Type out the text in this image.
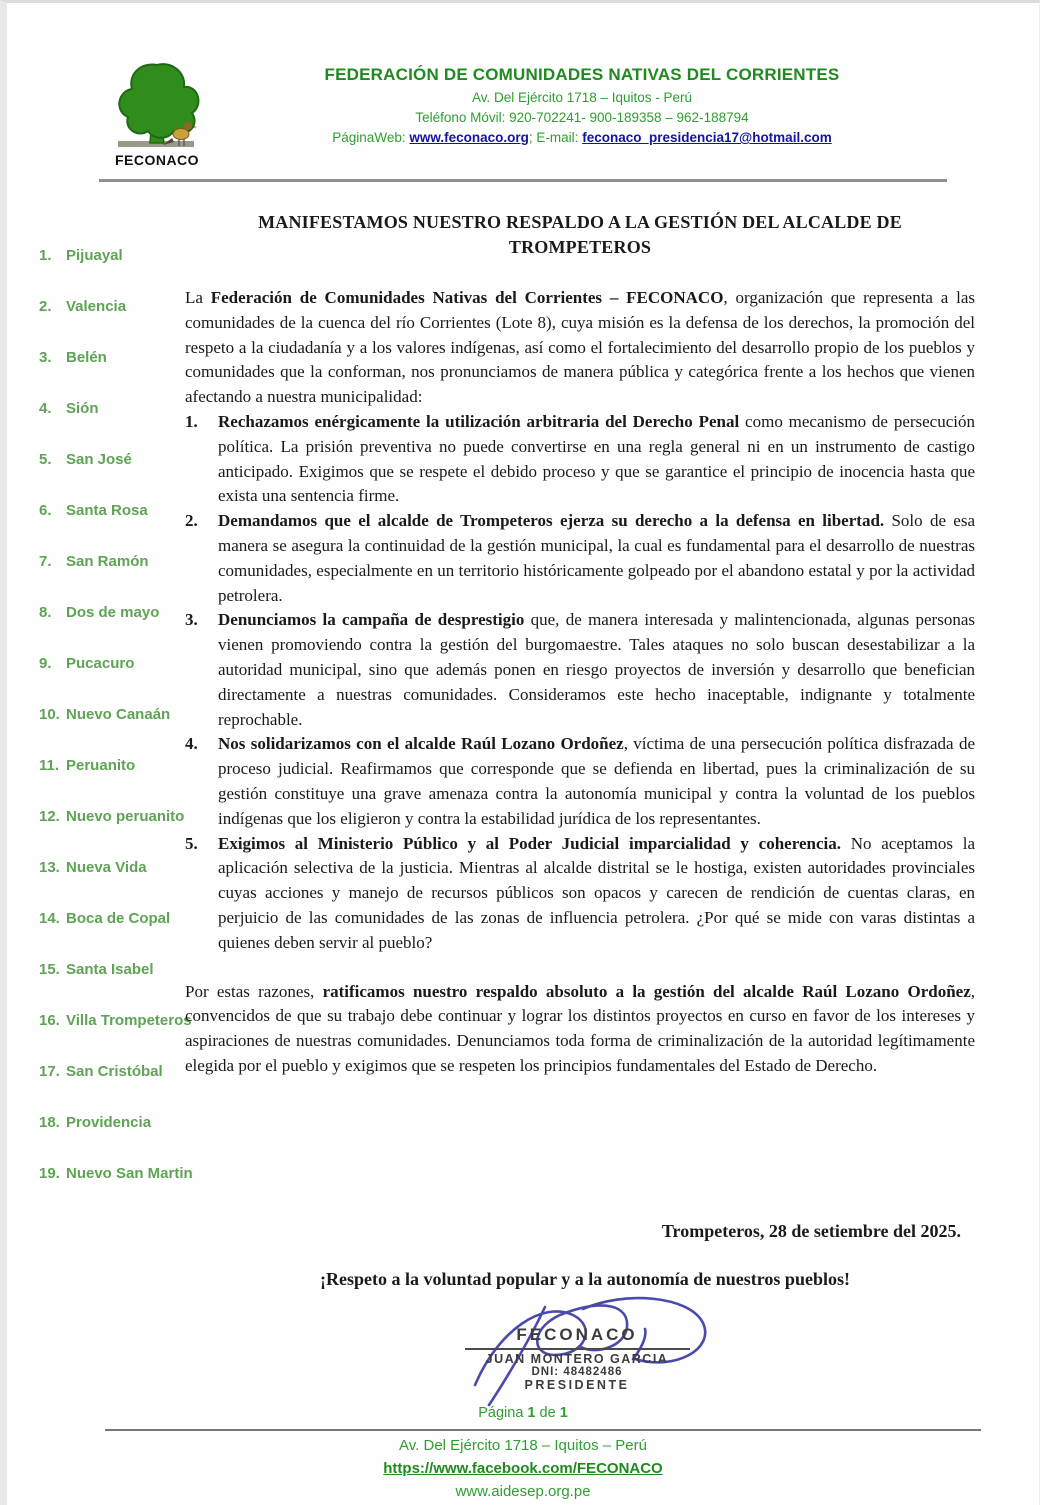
FECONACO
FEDERACIÓN DE COMUNIDADES NATIVAS DEL CORRIENTES
Av. Del Ejército 1718 – Iquitos - Perú
Teléfono Móvil: 920-702241- 900-189358 – 962-188794
PáginaWeb: www.feconaco.org; E-mail: feconaco_presidencia17@hotmail.com
1. Pijuayal
2. Valencia
3. Belén
4. Sión
5. San José
6. Santa Rosa
7. San Ramón
8. Dos de mayo
9. Pucacuro
10. Nuevo Canaán
11. Peruanito
12. Nuevo peruanito
13. Nueva Vida
14. Boca de Copal
15. Santa Isabel
16. Villa Trompeteros
17. San Cristóbal
18. Providencia
19. Nuevo San Martin
MANIFESTAMOS NUESTRO RESPALDO A LA GESTIÓN DEL ALCALDE DE
TROMPETEROS

La Federación de Comunidades Nativas del Corrientes – FECONACO, organización que representa a las comunidades de la cuenca del río Corrientes (Lote 8), cuya misión es la defensa de los derechos, la promoción del respeto a la ciudadanía y a los valores indígenas, así como el fortalecimiento del desarrollo propio de los pueblos y comunidades que la conforman, nos pronunciamos de manera pública y categórica frente a los hechos que vienen afectando a nuestra municipalidad:

1.	Rechazamos enérgicamente la utilización arbitraria del Derecho Penal como mecanismo de persecución política. La prisión preventiva no puede convertirse en una regla general ni en un instrumento de castigo anticipado. Exigimos que se respete el debido proceso y que se garantice el principio de inocencia hasta que exista una sentencia firme.
2.	Demandamos que el alcalde de Trompeteros ejerza su derecho a la defensa en libertad. Solo de esa manera se asegura la continuidad de la gestión municipal, la cual es fundamental para el desarrollo de nuestras comunidades, especialmente en un territorio históricamente golpeado por el abandono estatal y por la actividad petrolera.
3.	Denunciamos la campaña de desprestigio que, de manera interesada y malintencionada, algunas personas vienen promoviendo contra la gestión del burgomaestre. Tales ataques no solo buscan desestabilizar a la autoridad municipal, sino que además ponen en riesgo proyectos de inversión y desarrollo que benefician directamente a nuestras comunidades. Consideramos este hecho inaceptable, indignante y totalmente reprochable.
4.	Nos solidarizamos con el alcalde Raúl Lozano Ordoñez, víctima de una persecución política disfrazada de proceso judicial. Reafirmamos que corresponde que se defienda en libertad, pues la criminalización de su gestión constituye una grave amenaza contra la autonomía municipal y contra la voluntad de los pueblos indígenas que los eligieron y contra la estabilidad jurídica de los representantes.
5.	Exigimos al Ministerio Público y al Poder Judicial imparcialidad y coherencia. No aceptamos la aplicación selectiva de la justicia. Mientras al alcalde distrital se le hostiga, existen autoridades provinciales cuyas acciones y manejo de recursos públicos son opacos y carecen de rendición de cuentas claras, en perjuicio de las comunidades de las zonas de influencia petrolera. ¿Por qué se mide con varas distintas a quienes deben servir al pueblo?

Por estas razones, ratificamos nuestro respaldo absoluto a la gestión del alcalde Raúl Lozano Ordoñez, convencidos de que su trabajo debe continuar y lograr los distintos proyectos en curso en favor de los intereses y aspiraciones de nuestras comunidades. Denunciamos toda forma de criminalización de la autoridad legítimamente elegida por el pueblo y exigimos que se respeten los principios fundamentales del Estado de Derecho.

Trompeteros, 28 de setiembre del 2025.
¡Respeto a la voluntad popular y a la autonomía de nuestros pueblos!
FECONACO
JUAN MONTERO GARCIA
DNI: 48482486
PRESIDENTE
Página 1 de 1
Av. Del Ejército 1718 – Iquitos – Perú
https://www.facebook.com/FECONACO
www.aidesep.org.pe
